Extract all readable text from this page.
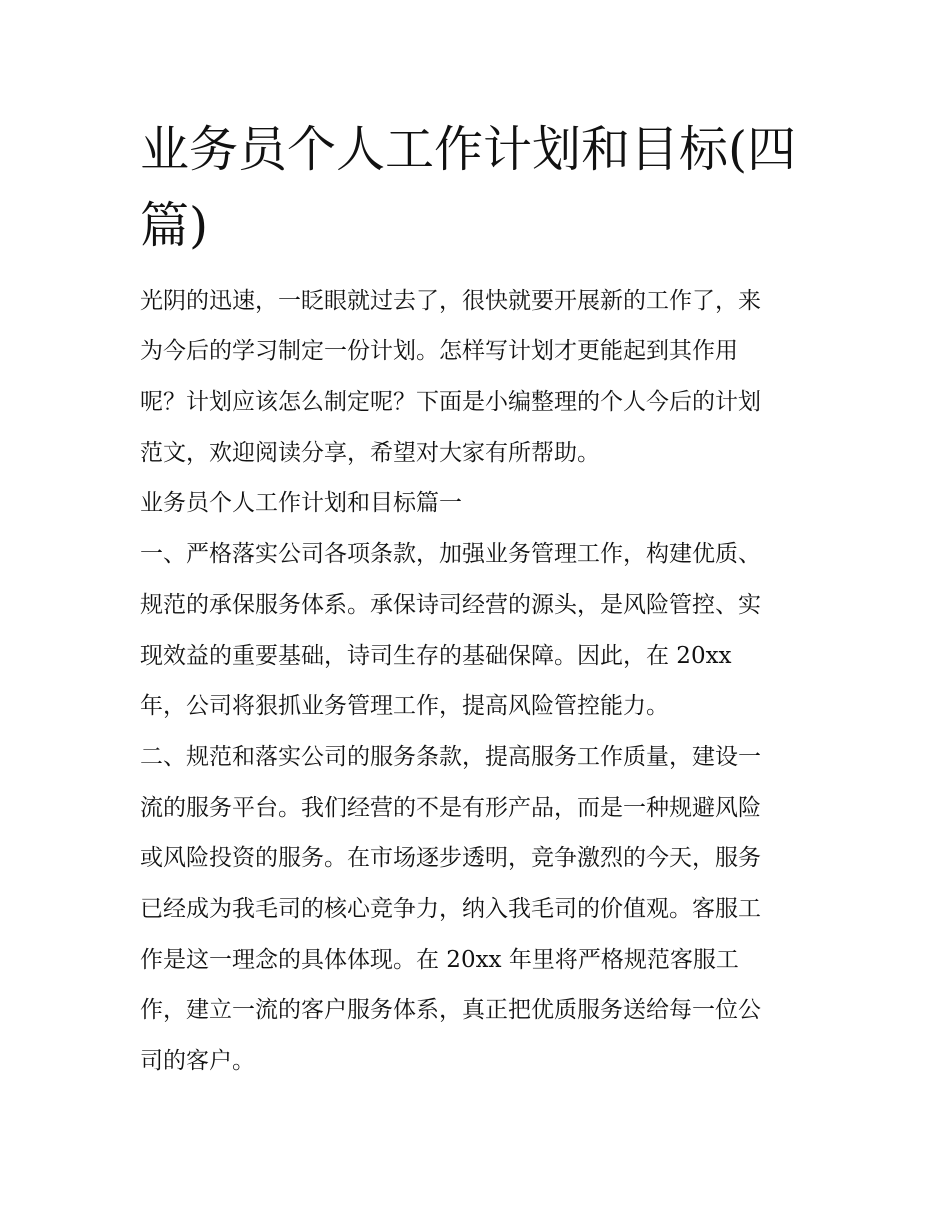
业务员个人工作计划和目标(四篇)

光阴的迅速，一眨眼就过去了，很快就要开展新的工作了，来

为今后的学习制定一份计划。怎样写计划才更能起到其作用

呢？计划应该怎么制定呢？下面是小编整理的个人今后的计划

范文，欢迎阅读分享，希望对大家有所帮助。

业务员个人工作计划和目标篇一

一、严格落实公司各项条款，加强业务管理工作，构建优质、

规范的承保服务体系。承保诗司经营的源头，是风险管控、实

现效益的重要基础，诗司生存的基础保障。因此，在 20xx

年，公司将狠抓业务管理工作，提高风险管控能力。

二、规范和落实公司的服务条款，提高服务工作质量，建设一

流的服务平台。我们经营的不是有形产品，而是一种规避风险

或风险投资的服务。在市场逐步透明，竞争激烈的今天，服务

已经成为我毛司的核心竞争力，纳入我毛司的价值观。客服工

作是这一理念的具体体现。在 20xx 年里将严格规范客服工

作，建立一流的客户服务体系，真正把优质服务送给每一位公

司的客户。
